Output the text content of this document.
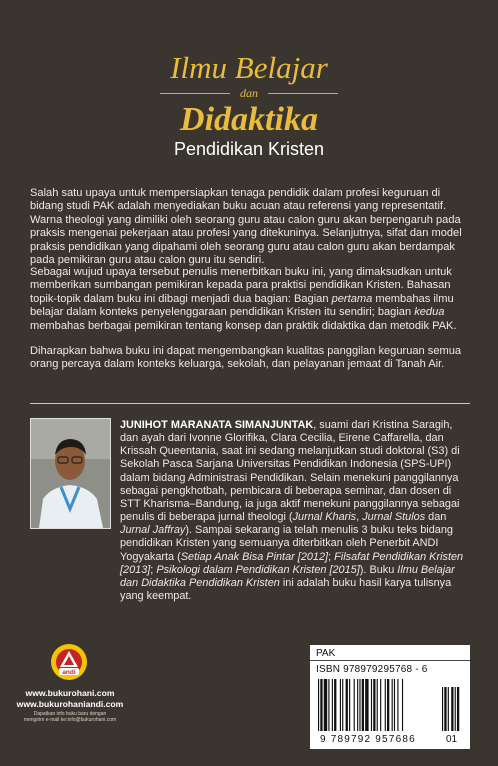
Ilmu Belajar
dan
Didaktika
Pendidikan Kristen
Salah satu upaya untuk mempersiapkan tenaga pendidik dalam profesi keguruan di bidang studi PAK adalah menyediakan buku acuan atau referensi yang representatif. Warna theologi yang dimiliki oleh seorang guru atau calon guru akan berpengaruh pada praksis mengenai pekerjaan atau profesi yang ditekuninya. Selanjutnya, sifat dan model praksis pendidikan yang dipahami oleh seorang guru atau calon guru akan berdampak pada pemikiran guru atau calon guru itu sendiri.
Sebagai wujud upaya tersebut penulis menerbitkan buku ini, yang dimaksudkan untuk memberikan sumbangan pemikiran kepada para praktisi pendidikan Kristen. Bahasan topik-topik dalam buku ini dibagi menjadi dua bagian: Bagian pertama membahas ilmu belajar dalam konteks penyelenggaraan pendidikan Kristen itu sendiri; bagian kedua membahas berbagai pemikiran tentang konsep dan praktik didaktika dan metodik PAK.
Diharapkan bahwa buku ini dapat mengembangkan kualitas panggilan keguruan semua orang percaya dalam konteks keluarga, sekolah, dan pelayanan jemaat di Tanah Air.
JUNIHOT MARANATA SIMANJUNTAK, suami dari Kristina Saragih, dan ayah dari Ivonne Glorifika, Clara Cecilia, Eirene Caffarella, dan Krissah Queentania, saat ini sedang melanjutkan studi doktoral (S3) di Sekolah Pasca Sarjana Universitas Pendidikan Indonesia (SPS-UPI) dalam bidang Administrasi Pendidikan. Selain menekuni panggilannya sebagai pengkhotbah, pembicara di beberapa seminar, dan dosen di STT Kharisma–Bandung, ia juga aktif menekuni panggilannya sebagai penulis di beberapa jurnal theologi (Jurnal Kharis, Jurnal Stulos dan Jurnal Jaffray). Sampai sekarang ia telah menulis 3 buku teks bidang pendidikan Kristen yang semuanya diterbitkan oleh Penerbit ANDI Yogyakarta (Setiap Anak Bisa Pintar [2012]; Filsafat Pendidikan Kristen [2013]; Psikologi dalam Pendidikan Kristen [2015]). Buku Ilmu Belajar dan Didaktika Pendidikan Kristen ini adalah buku hasil karya tulisnya yang keempat.
andi
www.bukurohani.com
www.bukurohaniandi.com
Dapatkan info buku baru dengan
mengirim e-mail ke:info@bukurohani.com
PAK
ISBN 978979295768 - 6
9 789792 957686	01
